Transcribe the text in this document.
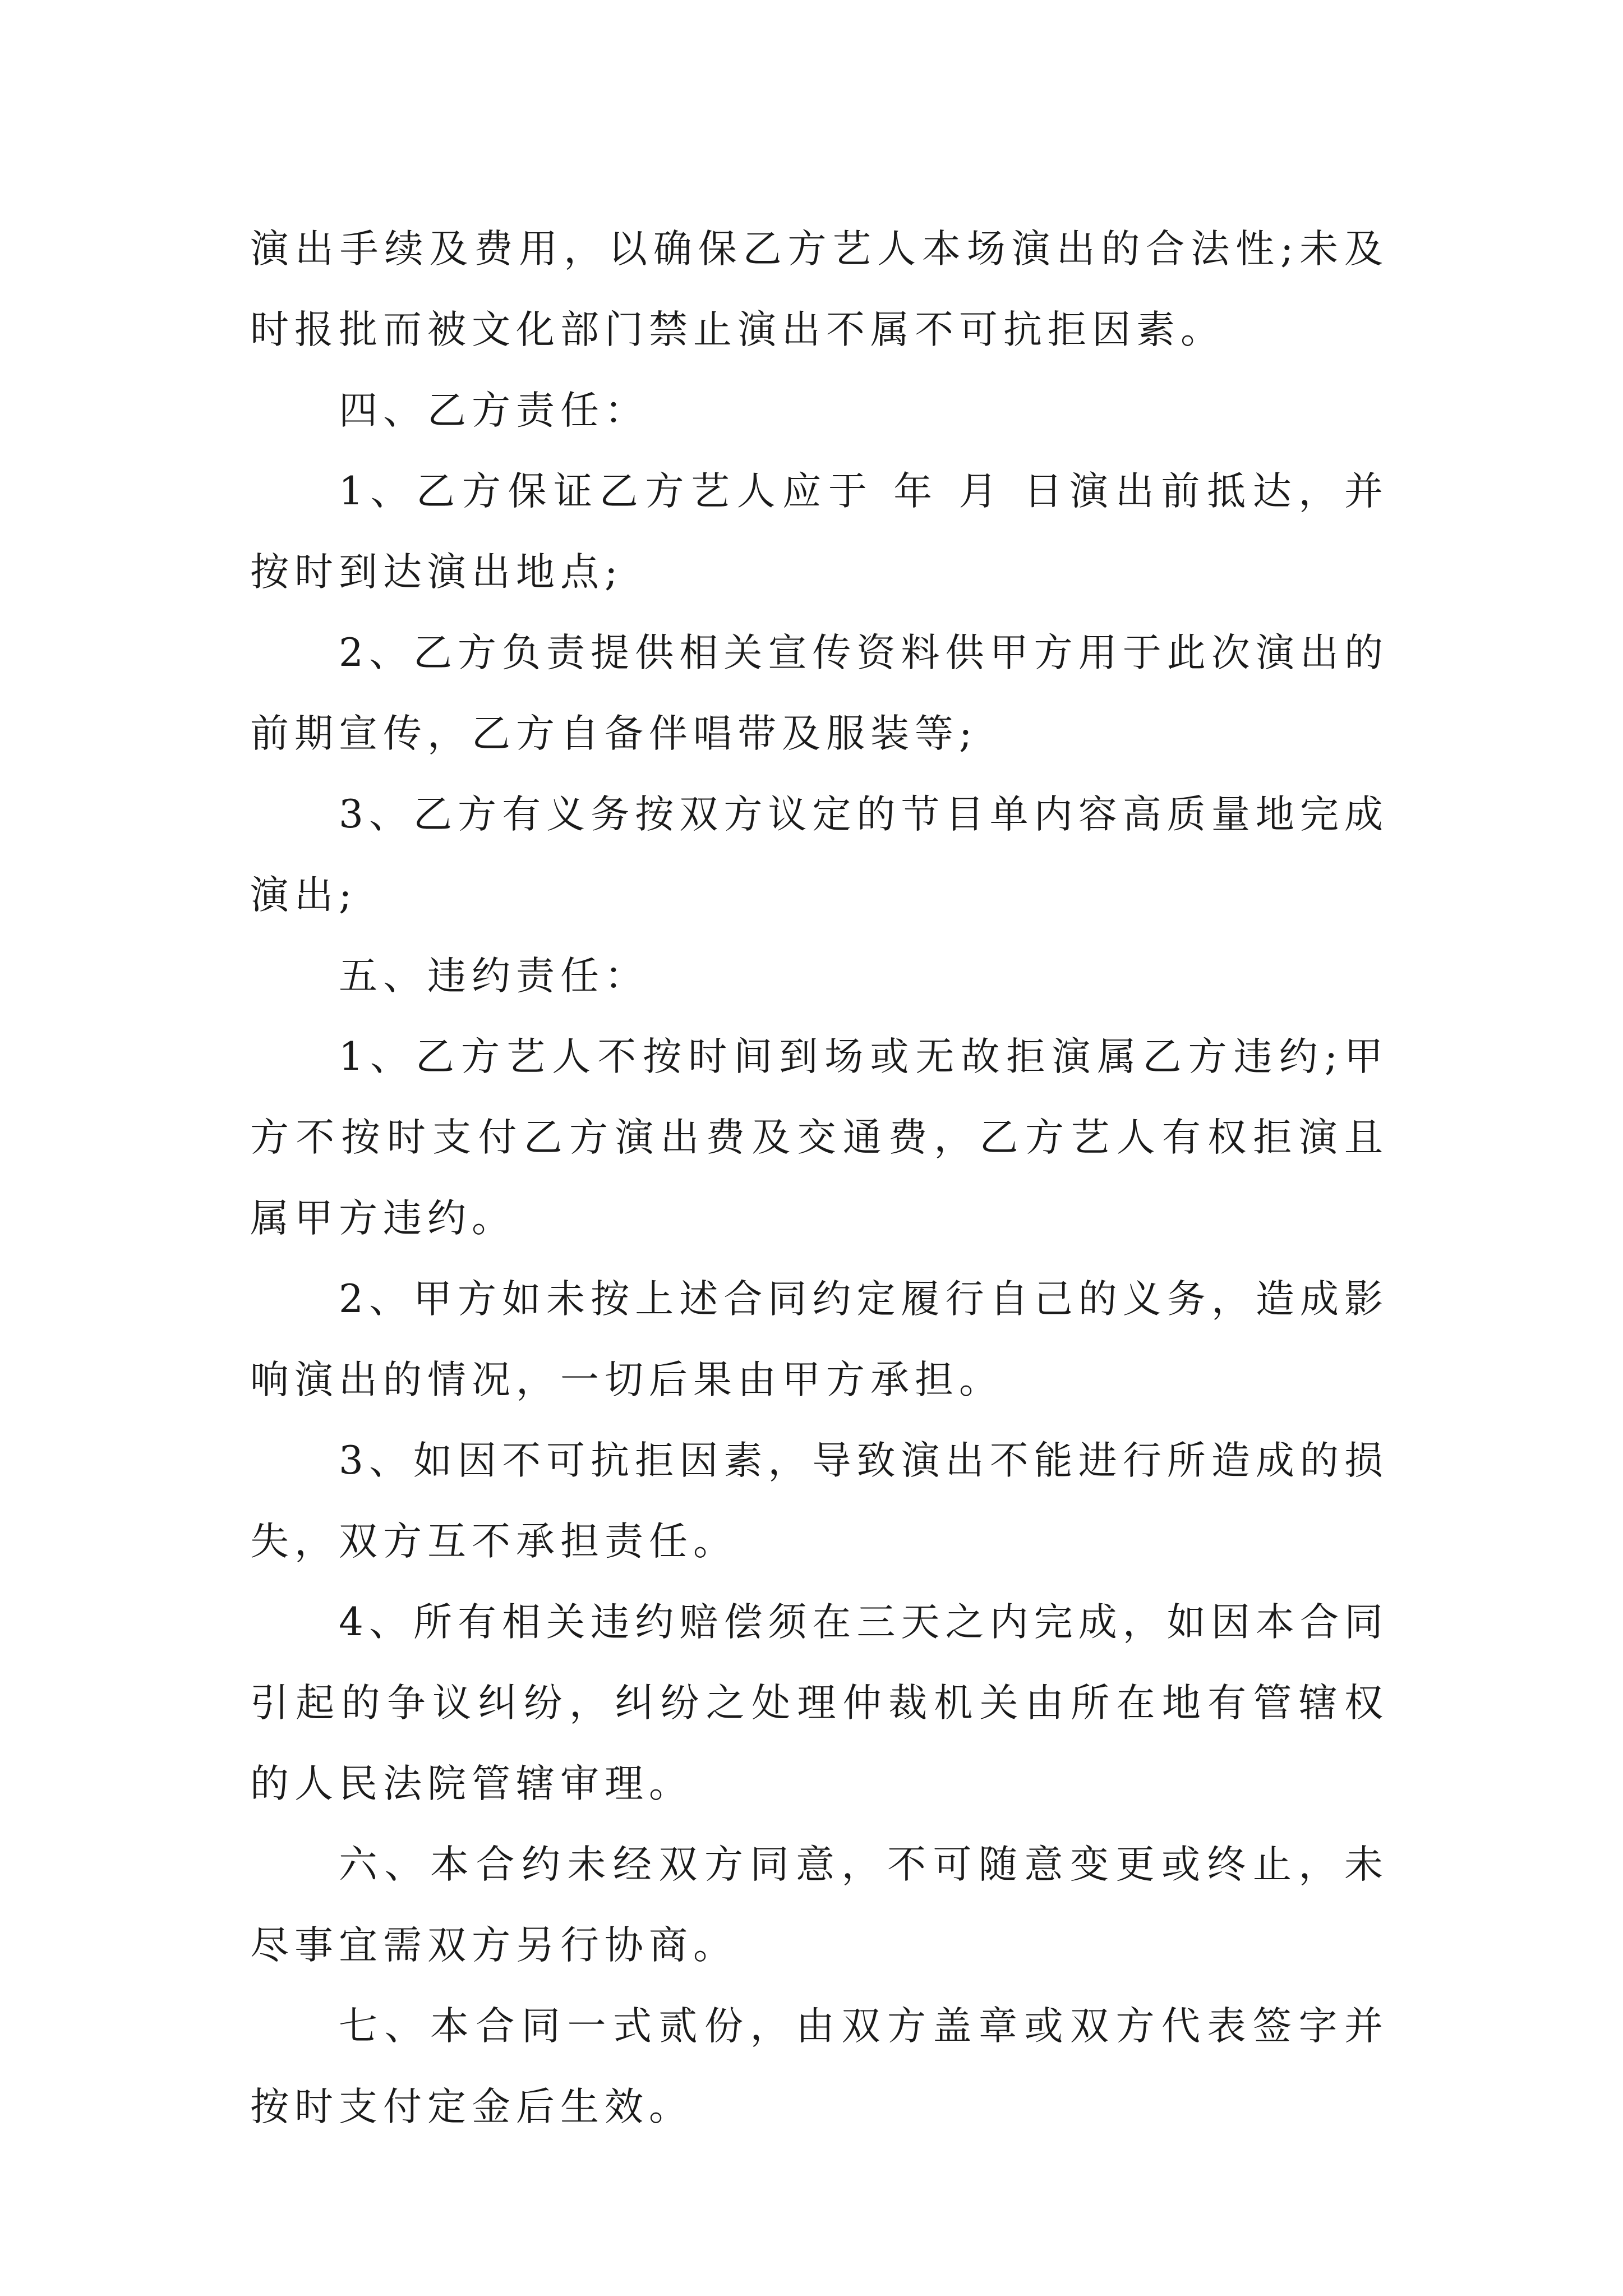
演出手续及费用，以确保乙方艺人本场演出的合法性;未及时报批而被文化部门禁止演出不属不可抗拒因素。

四、乙方责任：

1、乙方保证乙方艺人应于 年 月 日演出前抵达，并按时到达演出地点;

2、乙方负责提供相关宣传资料供甲方用于此次演出的前期宣传，乙方自备伴唱带及服装等;

3、乙方有义务按双方议定的节目单内容高质量地完成演出;

五、违约责任：

1、乙方艺人不按时间到场或无故拒演属乙方违约;甲方不按时支付乙方演出费及交通费，乙方艺人有权拒演且属甲方违约。

2、甲方如未按上述合同约定履行自己的义务，造成影响演出的情况，一切后果由甲方承担。

3、如因不可抗拒因素，导致演出不能进行所造成的损失，双方互不承担责任。

4、所有相关违约赔偿须在三天之内完成，如因本合同引起的争议纠纷，纠纷之处理仲裁机关由所在地有管辖权的人民法院管辖审理。

六、本合约未经双方同意，不可随意变更或终止，未尽事宜需双方另行协商。

七、本合同一式贰份，由双方盖章或双方代表签字并按时支付定金后生效。
